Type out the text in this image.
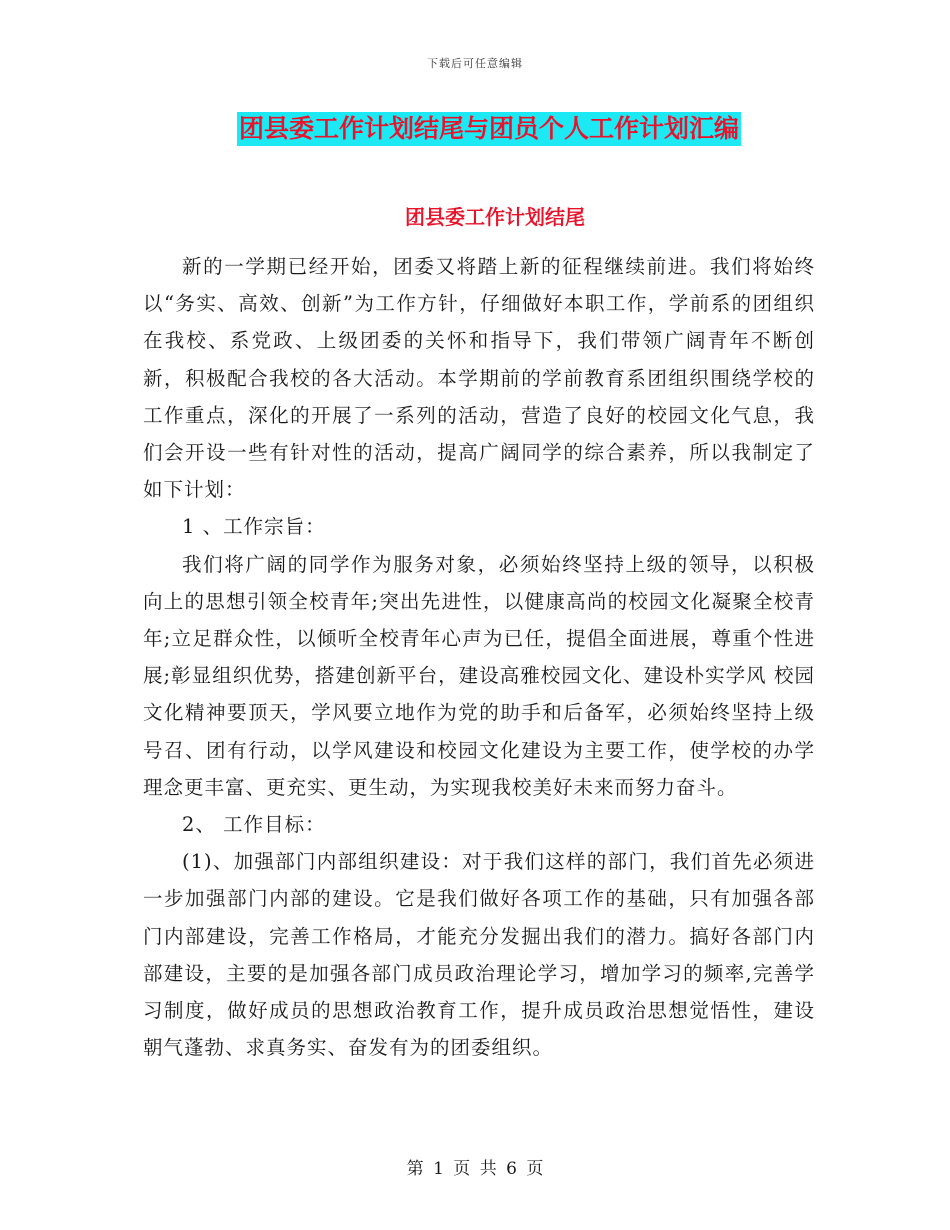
下载后可任意编辑
团县委工作计划结尾与团员个人工作计划汇编
团县委工作计划结尾

新的一学期已经开始，团委又将踏上新的征程继续前进。我们将始终以“务实、高效、创新”为工作方针，仔细做好本职工作，学前系的团组织在我校、系党政、上级团委的关怀和指导下，我们带领广阔青年不断创新，积极配合我校的各大活动。本学期前的学前教育系团组织围绕学校的工作重点，深化的开展了一系列的活动，营造了良好的校园文化气息，我们会开设一些有针对性的活动，提高广阔同学的综合素养，所以我制定了如下计划：

1 、工作宗旨：

我们将广阔的同学作为服务对象，必须始终坚持上级的领导，以积极向上的思想引领全校青年;突出先进性，以健康高尚的校园文化凝聚全校青年;立足群众性，以倾听全校青年心声为已任，提倡全面进展，尊重个性进展;彰显组织优势，搭建创新平台，建设高雅校园文化、建设朴实学风 校园文化精神要顶天，学风要立地作为党的助手和后备军，必须始终坚持上级号召、团有行动，以学风建设和校园文化建设为主要工作，使学校的办学理念更丰富、更充实、更生动，为实现我校美好未来而努力奋斗。

2、 工作目标：

(1)、加强部门内部组织建设：对于我们这样的部门，我们首先必须进一步加强部门内部的建设。它是我们做好各项工作的基础，只有加强各部门内部建设，完善工作格局，才能充分发掘出我们的潜力。搞好各部门内部建设，主要的是加强各部门成员政治理论学习，增加学习的频率,完善学习制度，做好成员的思想政治教育工作，提升成员政治思想觉悟性，建设朝气蓬勃、求真务实、奋发有为的团委组织。

第 1 页 共 6 页
